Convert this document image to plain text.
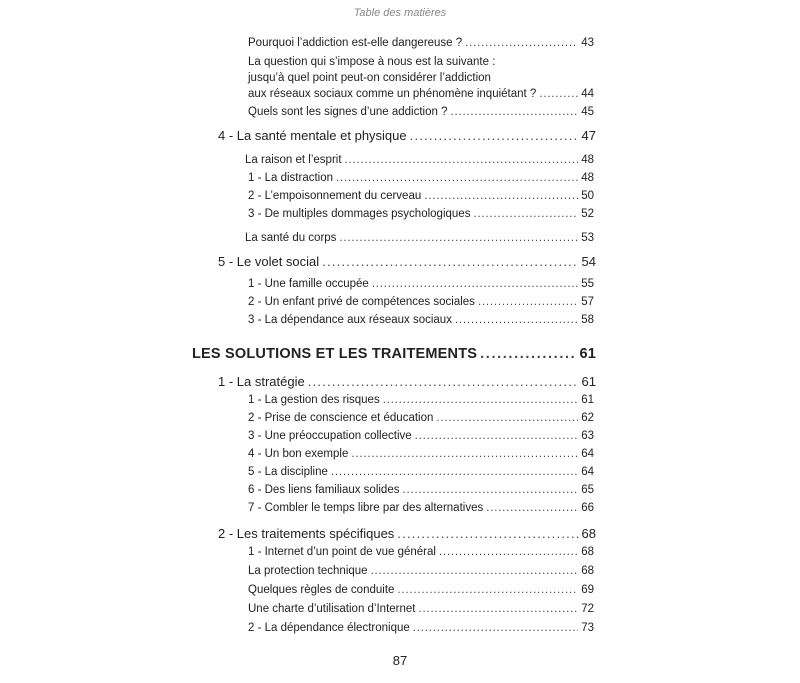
Table des matières
Pourquoi l’addiction est-elle dangereuse ? . . .	43
La question qui s’impose à nous est la suivante :
jusqu’à quel point peut-on considérer l’addiction
aux réseaux sociaux comme un phénomène inquiétant ? . . .	44
Quels sont les signes d’une addiction ? . . .	45
4 - La santé mentale et physique . . .	47
La raison et l’esprit . . .	48
1 - La distraction . . .	48
2 - L’empoisonnement du cerveau . . .	50
3 - De multiples dommages psychologiques . . .	52
La santé du corps . . .	53
5 - Le volet social . . .	54
1 - Une famille occupée . . .	55
2 - Un enfant privé de compétences sociales . . .	57
3 - La dépendance aux réseaux sociaux . . .	58
LES SOLUTIONS ET LES TRAITEMENTS . . .	61
1 - La stratégie . . .	61
1 - La gestion des risques . . .	61
2 - Prise de conscience et éducation . . .	62
3 - Une préoccupation collective . . .	63
4 - Un bon exemple . . .	64
5 - La discipline . . .	64
6 - Des liens familiaux solides . . .	65
7 - Combler le temps libre par des alternatives . . .	66
2 - Les traitements spécifiques . . .	68
1 - Internet d’un point de vue général . . .	68
La protection technique . . .	68
Quelques règles de conduite . . .	69
Une charte d’utilisation d’Internet . . .	72
2 - La dépendance électronique . . .	73
87
